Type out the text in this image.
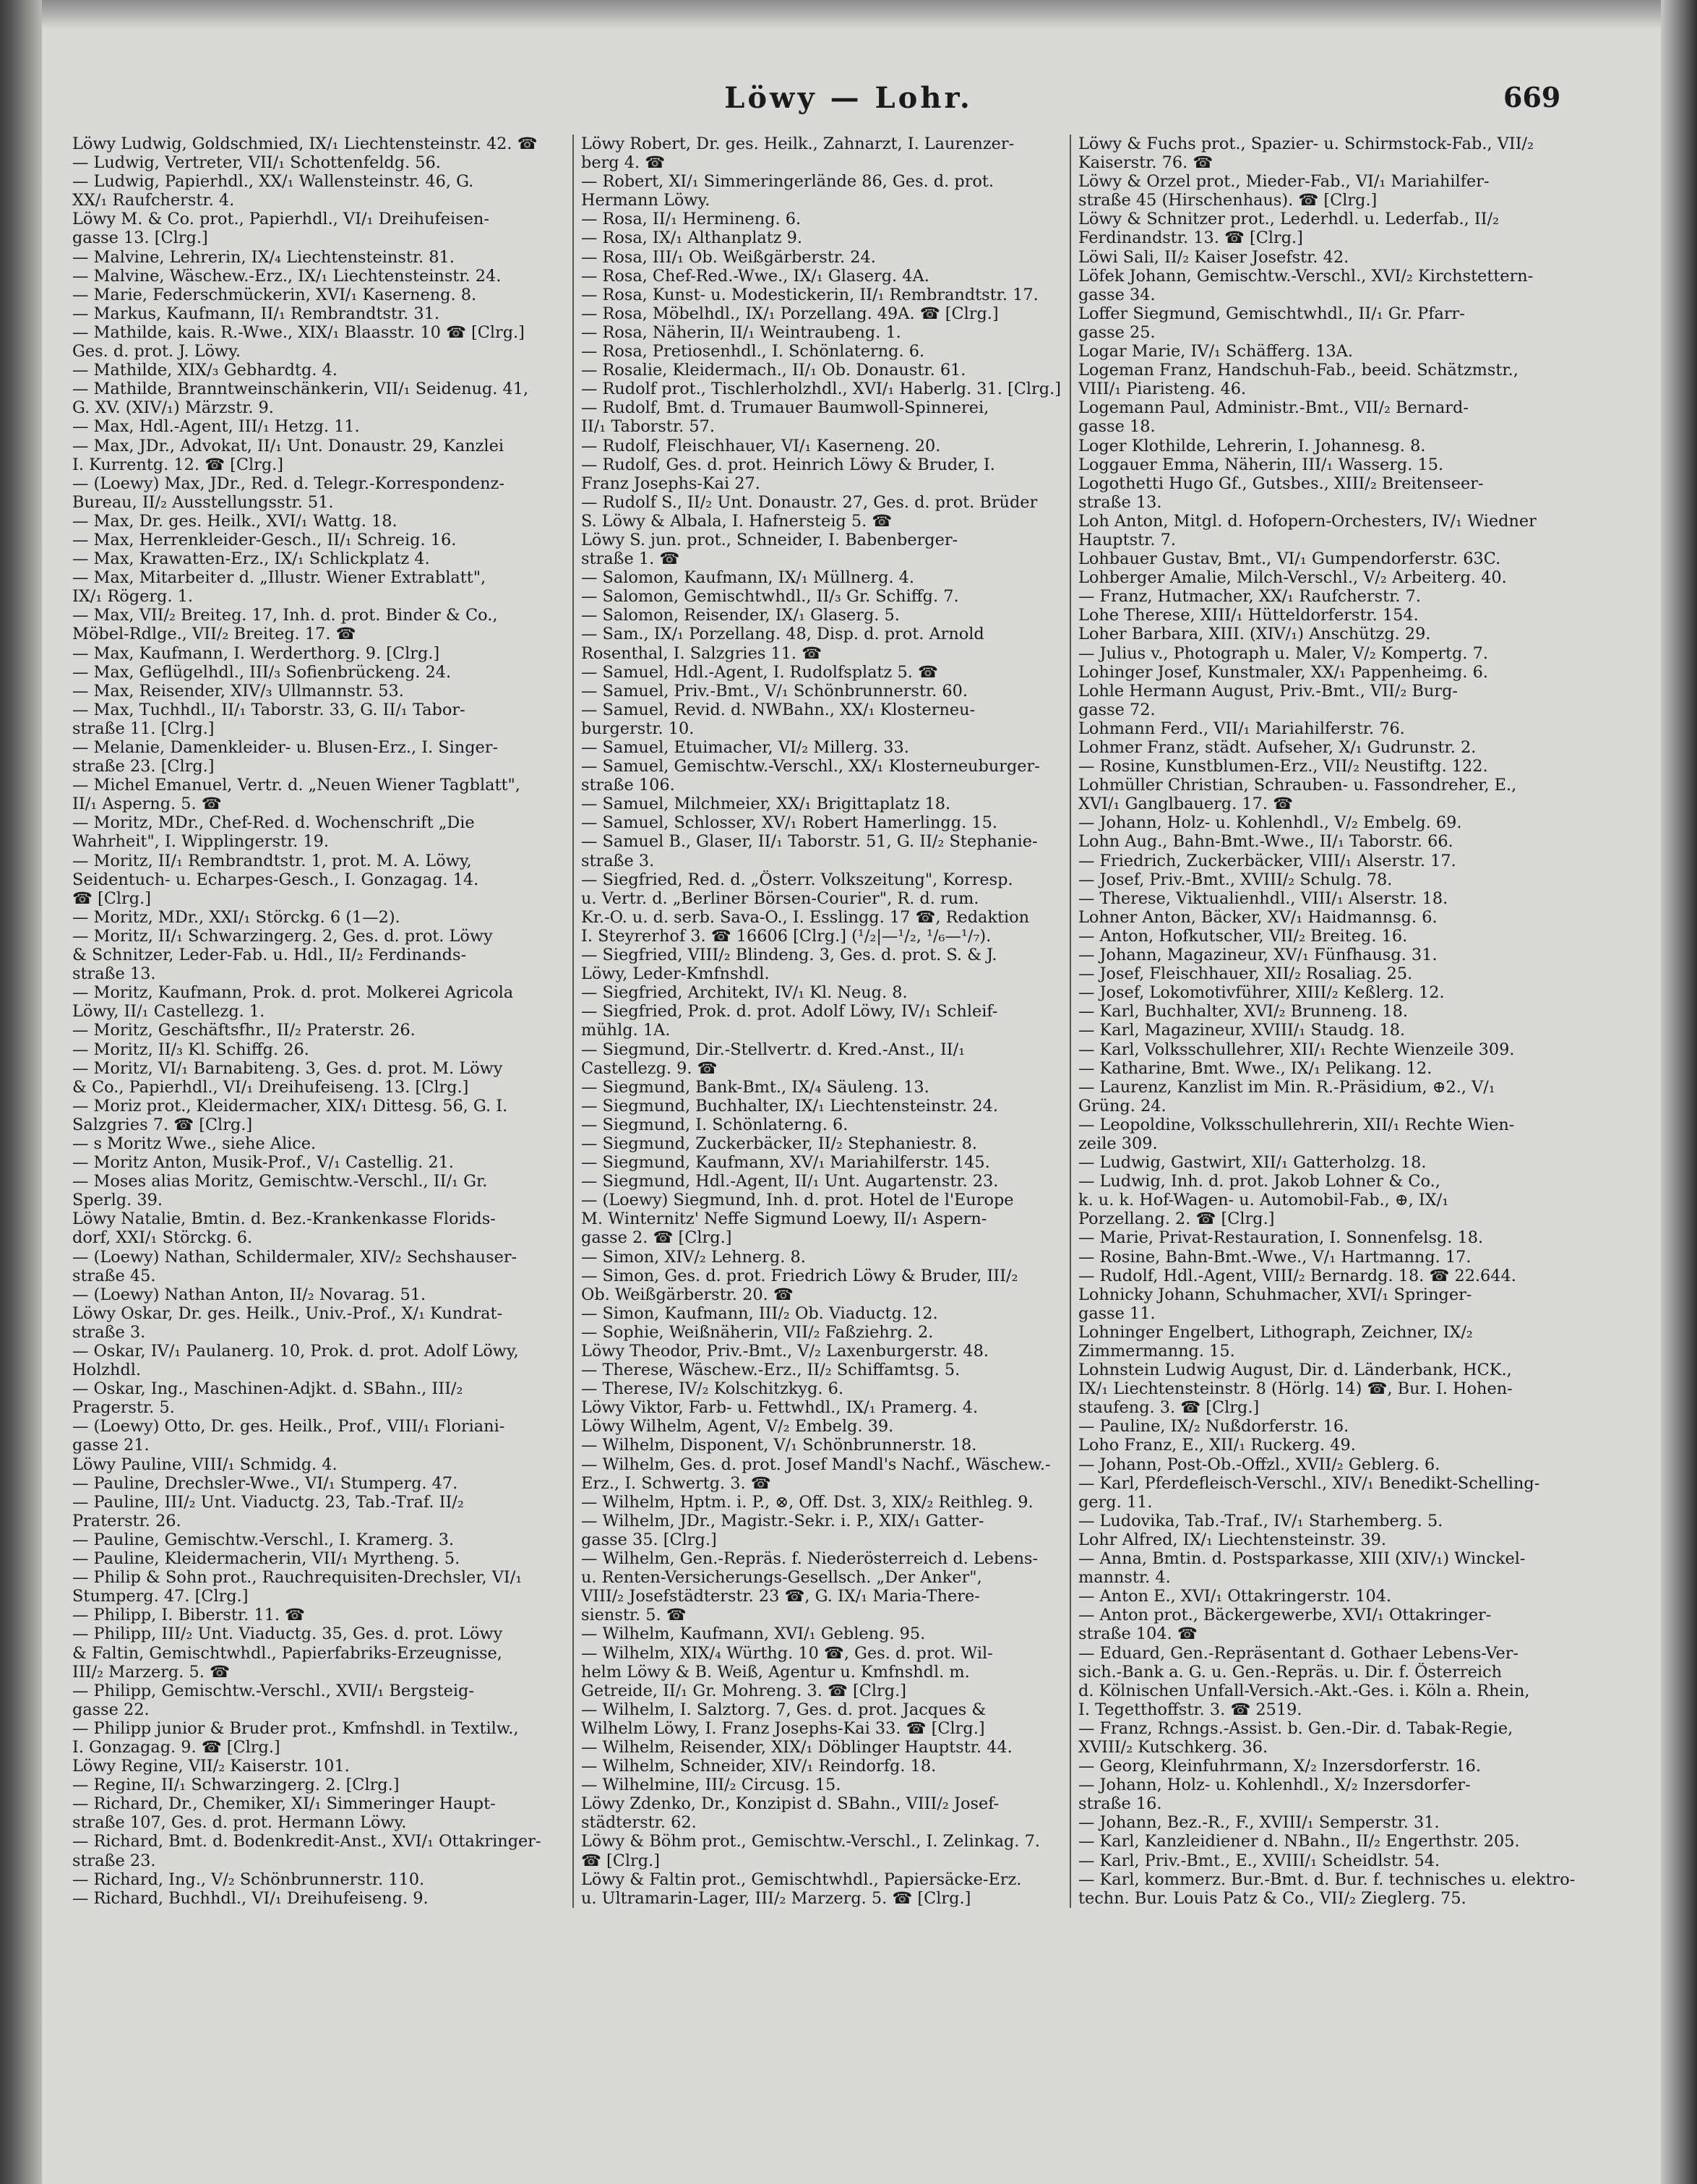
Löwy — Lohr.	669
Löwy Ludwig, Goldschmied, IX/₁ Liechtensteinstr. 42. ☎
— Ludwig, Vertreter, VII/₁ Schottenfeldg. 56.
— Ludwig, Papierhdl., XX/₁ Wallensteinstr. 46, G.
XX/₁ Raufcherstr. 4.
Löwy M. & Co. prot., Papierhdl., VI/₁ Dreihufeisen-
gasse 13. [Clrg.]
— Malvine, Lehrerin, IX/₄ Liechtensteinstr. 81.
— Malvine, Wäschew.-Erz., IX/₁ Liechtensteinstr. 24.
— Marie, Federschmückerin, XVI/₁ Kaserneng. 8.
— Markus, Kaufmann, II/₁ Rembrandtstr. 31.
— Mathilde, kais. R.-Wwe., XIX/₁ Blaasstr. 10 ☎ [Clrg.]
Ges. d. prot. J. Löwy.
— Mathilde, XIX/₃ Gebhardtg. 4.
— Mathilde, Branntweinschänkerin, VII/₁ Seidenug. 41,
G. XV. (XIV/₁) Märzstr. 9.
— Max, Hdl.-Agent, III/₁ Hetzg. 11.
— Max, JDr., Advokat, II/₁ Unt. Donaustr. 29, Kanzlei
I. Kurrentg. 12. ☎ [Clrg.]
— (Loewy) Max, JDr., Red. d. Telegr.-Korrespondenz-
Bureau, II/₂ Ausstellungsstr. 51.
— Max, Dr. ges. Heilk., XVI/₁ Wattg. 18.
— Max, Herrenkleider-Gesch., II/₁ Schreig. 16.
— Max, Krawatten-Erz., IX/₁ Schlickplatz 4.
— Max, Mitarbeiter d. „Illustr. Wiener Extrablatt",
IX/₁ Rögerg. 1.
— Max, VII/₂ Breiteg. 17, Inh. d. prot. Binder & Co.,
Möbel-Rdlge., VII/₂ Breiteg. 17. ☎
— Max, Kaufmann, I. Werderthorg. 9. [Clrg.]
— Max, Geflügelhdl., III/₃ Sofienbrückeng. 24.
— Max, Reisender, XIV/₃ Ullmannstr. 53.
— Max, Tuchhdl., II/₁ Taborstr. 33, G. II/₁ Tabor-
straße 11. [Clrg.]
— Melanie, Damenkleider- u. Blusen-Erz., I. Singer-
straße 23. [Clrg.]
— Michel Emanuel, Vertr. d. „Neuen Wiener Tagblatt",
II/₁ Asperng. 5. ☎
— Moritz, MDr., Chef-Red. d. Wochenschrift „Die
Wahrheit", I. Wipplingerstr. 19.
— Moritz, II/₁ Rembrandtstr. 1, prot. M. A. Löwy,
Seidentuch- u. Echarpes-Gesch., I. Gonzagag. 14.
☎ [Clrg.]
— Moritz, MDr., XXI/₁ Störckg. 6 (1—2).
— Moritz, II/₁ Schwarzingerg. 2, Ges. d. prot. Löwy
& Schnitzer, Leder-Fab. u. Hdl., II/₂ Ferdinands-
straße 13.
— Moritz, Kaufmann, Prok. d. prot. Molkerei Agricola
Löwy, II/₁ Castellezg. 1.
— Moritz, Geschäftsfhr., II/₂ Praterstr. 26.
— Moritz, II/₃ Kl. Schiffg. 26.
— Moritz, VI/₁ Barnabiteng. 3, Ges. d. prot. M. Löwy
& Co., Papierhdl., VI/₁ Dreihufeiseng. 13. [Clrg.]
— Moriz prot., Kleidermacher, XIX/₁ Dittesg. 56, G. I.
Salzgries 7. ☎ [Clrg.]
— s Moritz Wwe., siehe Alice.
— Moritz Anton, Musik-Prof., V/₁ Castellig. 21.
— Moses alias Moritz, Gemischtw.-Verschl., II/₁ Gr.
Sperlg. 39.
Löwy Natalie, Bmtin. d. Bez.-Krankenkasse Florids-
dorf, XXI/₁ Störckg. 6.
— (Loewy) Nathan, Schildermaler, XIV/₂ Sechshauser-
straße 45.
— (Loewy) Nathan Anton, II/₂ Novarag. 51.
Löwy Oskar, Dr. ges. Heilk., Univ.-Prof., X/₁ Kundrat-
straße 3.
— Oskar, IV/₁ Paulanerg. 10, Prok. d. prot. Adolf Löwy,
Holzhdl.
— Oskar, Ing., Maschinen-Adjkt. d. SBahn., III/₂
Pragerstr. 5.
— (Loewy) Otto, Dr. ges. Heilk., Prof., VIII/₁ Floriani-
gasse 21.
Löwy Pauline, VIII/₁ Schmidg. 4.
— Pauline, Drechsler-Wwe., VI/₁ Stumperg. 47.
— Pauline, III/₂ Unt. Viaductg. 23, Tab.-Traf. II/₂
Praterstr. 26.
— Pauline, Gemischtw.-Verschl., I. Kramerg. 3.
— Pauline, Kleidermacherin, VII/₁ Myrtheng. 5.
— Philip & Sohn prot., Rauchrequisiten-Drechsler, VI/₁
Stumperg. 47. [Clrg.]
— Philipp, I. Biberstr. 11. ☎
— Philipp, III/₂ Unt. Viaductg. 35, Ges. d. prot. Löwy
& Faltin, Gemischtwhdl., Papierfabriks-Erzeugnisse,
III/₂ Marzerg. 5. ☎
— Philipp, Gemischtw.-Verschl., XVII/₁ Bergsteig-
gasse 22.
— Philipp junior & Bruder prot., Kmfnshdl. in Textilw.,
I. Gonzagag. 9. ☎ [Clrg.]
Löwy Regine, VII/₂ Kaiserstr. 101.
— Regine, II/₁ Schwarzingerg. 2. [Clrg.]
— Richard, Dr., Chemiker, XI/₁ Simmeringer Haupt-
straße 107, Ges. d. prot. Hermann Löwy.
— Richard, Bmt. d. Bodenkredit-Anst., XVI/₁ Ottakringer-
straße 23.
— Richard, Ing., V/₂ Schönbrunnerstr. 110.
— Richard, Buchhdl., VI/₁ Dreihufeiseng. 9.
Löwy Robert, Dr. ges. Heilk., Zahnarzt, I. Laurenzer-
berg 4. ☎
— Robert, XI/₁ Simmeringerlände 86, Ges. d. prot.
Hermann Löwy.
— Rosa, II/₁ Hermineng. 6.
— Rosa, IX/₁ Althanplatz 9.
— Rosa, III/₁ Ob. Weißgärberstr. 24.
— Rosa, Chef-Red.-Wwe., IX/₁ Glaserg. 4A.
— Rosa, Kunst- u. Modestickerin, II/₁ Rembrandtstr. 17.
— Rosa, Möbelhdl., IX/₁ Porzellang. 49A. ☎ [Clrg.]
— Rosa, Näherin, II/₁ Weintraubeng. 1.
— Rosa, Pretiosenhdl., I. Schönlaterng. 6.
— Rosalie, Kleidermach., II/₁ Ob. Donaustr. 61.
— Rudolf prot., Tischlerholzhdl., XVI/₁ Haberlg. 31. [Clrg.]
— Rudolf, Bmt. d. Trumauer Baumwoll-Spinnerei,
II/₁ Taborstr. 57.
— Rudolf, Fleischhauer, VI/₁ Kaserneng. 20.
— Rudolf, Ges. d. prot. Heinrich Löwy & Bruder, I.
Franz Josephs-Kai 27.
— Rudolf S., II/₂ Unt. Donaustr. 27, Ges. d. prot. Brüder
S. Löwy & Albala, I. Hafnersteig 5. ☎
Löwy S. jun. prot., Schneider, I. Babenberger-
straße 1. ☎
— Salomon, Kaufmann, IX/₁ Müllnerg. 4.
— Salomon, Gemischtwhdl., II/₃ Gr. Schiffg. 7.
— Salomon, Reisender, IX/₁ Glaserg. 5.
— Sam., IX/₁ Porzellang. 48, Disp. d. prot. Arnold
Rosenthal, I. Salzgries 11. ☎
— Samuel, Hdl.-Agent, I. Rudolfsplatz 5. ☎
— Samuel, Priv.-Bmt., V/₁ Schönbrunnerstr. 60.
— Samuel, Revid. d. NWBahn., XX/₁ Klosterneu-
burgerstr. 10.
— Samuel, Etuimacher, VI/₂ Millerg. 33.
— Samuel, Gemischtw.-Verschl., XX/₁ Klosterneuburger-
straße 106.
— Samuel, Milchmeier, XX/₁ Brigittaplatz 18.
— Samuel, Schlosser, XV/₁ Robert Hamerlingg. 15.
— Samuel B., Glaser, II/₁ Taborstr. 51, G. II/₂ Stephanie-
straße 3.
— Siegfried, Red. d. „Österr. Volkszeitung", Korresp.
u. Vertr. d. „Berliner Börsen-Courier", R. d. rum.
Kr.-O. u. d. serb. Sava-O., I. Esslingg. 17 ☎, Redaktion
I. Steyrerhof 3. ☎ 16606 [Clrg.] (¹/₂|—¹/₂, ¹/₆—¹/₇).
— Siegfried, VIII/₂ Blindeng. 3, Ges. d. prot. S. & J.
Löwy, Leder-Kmfnshdl.
— Siegfried, Architekt, IV/₁ Kl. Neug. 8.
— Siegfried, Prok. d. prot. Adolf Löwy, IV/₁ Schleif-
mühlg. 1A.
— Siegmund, Dir.-Stellvertr. d. Kred.-Anst., II/₁
Castellezg. 9. ☎
— Siegmund, Bank-Bmt., IX/₄ Säuleng. 13.
— Siegmund, Buchhalter, IX/₁ Liechtensteinstr. 24.
— Siegmund, I. Schönlaterng. 6.
— Siegmund, Zuckerbäcker, II/₂ Stephaniestr. 8.
— Siegmund, Kaufmann, XV/₁ Mariahilferstr. 145.
— Siegmund, Hdl.-Agent, II/₁ Unt. Augartenstr. 23.
— (Loewy) Siegmund, Inh. d. prot. Hotel de l'Europe
M. Winternitz' Neffe Sigmund Loewy, II/₁ Aspern-
gasse 2. ☎ [Clrg.]
— Simon, XIV/₂ Lehnerg. 8.
— Simon, Ges. d. prot. Friedrich Löwy & Bruder, III/₂
Ob. Weißgärberstr. 20. ☎
— Simon, Kaufmann, III/₂ Ob. Viaductg. 12.
— Sophie, Weißnäherin, VII/₂ Faßziehrg. 2.
Löwy Theodor, Priv.-Bmt., V/₂ Laxenburgerstr. 48.
— Therese, Wäschew.-Erz., II/₂ Schiffamtsg. 5.
— Therese, IV/₂ Kolschitzkyg. 6.
Löwy Viktor, Farb- u. Fettwhdl., IX/₁ Pramerg. 4.
Löwy Wilhelm, Agent, V/₂ Embelg. 39.
— Wilhelm, Disponent, V/₁ Schönbrunnerstr. 18.
— Wilhelm, Ges. d. prot. Josef Mandl's Nachf., Wäschew.-
Erz., I. Schwertg. 3. ☎
— Wilhelm, Hptm. i. P., ⊗, Off. Dst. 3, XIX/₂ Reithleg. 9.
— Wilhelm, JDr., Magistr.-Sekr. i. P., XIX/₁ Gatter-
gasse 35. [Clrg.]
— Wilhelm, Gen.-Repräs. f. Niederösterreich d. Lebens-
u. Renten-Versicherungs-Gesellsch. „Der Anker",
VIII/₂ Josefstädterstr. 23 ☎, G. IX/₁ Maria-There-
sienstr. 5. ☎
— Wilhelm, Kaufmann, XVI/₁ Gebleng. 95.
— Wilhelm, XIX/₄ Würthg. 10 ☎, Ges. d. prot. Wil-
helm Löwy & B. Weiß, Agentur u. Kmfnshdl. m.
Getreide, II/₁ Gr. Mohreng. 3. ☎ [Clrg.]
— Wilhelm, I. Salztorg. 7, Ges. d. prot. Jacques &
Wilhelm Löwy, I. Franz Josephs-Kai 33. ☎ [Clrg.]
— Wilhelm, Reisender, XIX/₁ Döblinger Hauptstr. 44.
— Wilhelm, Schneider, XIV/₁ Reindorfg. 18.
— Wilhelmine, III/₂ Circusg. 15.
Löwy Zdenko, Dr., Konzipist d. SBahn., VIII/₂ Josef-
städterstr. 62.
Löwy & Böhm prot., Gemischtw.-Verschl., I. Zelinkag. 7.
☎ [Clrg.]
Löwy & Faltin prot., Gemischtwhdl., Papiersäcke-Erz.
u. Ultramarin-Lager, III/₂ Marzerg. 5. ☎ [Clrg.]
Löwy & Fuchs prot., Spazier- u. Schirmstock-Fab., VII/₂
Kaiserstr. 76. ☎
Löwy & Orzel prot., Mieder-Fab., VI/₁ Mariahilfer-
straße 45 (Hirschenhaus). ☎ [Clrg.]
Löwy & Schnitzer prot., Lederhdl. u. Lederfab., II/₂
Ferdinandstr. 13. ☎ [Clrg.]
Löwi Sali, II/₂ Kaiser Josefstr. 42.
Löfek Johann, Gemischtw.-Verschl., XVI/₂ Kirchstettern-
gasse 34.
Loffer Siegmund, Gemischtwhdl., II/₁ Gr. Pfarr-
gasse 25.
Logar Marie, IV/₁ Schäfferg. 13A.
Logeman Franz, Handschuh-Fab., beeid. Schätzmstr.,
VIII/₁ Piaristeng. 46.
Logemann Paul, Administr.-Bmt., VII/₂ Bernard-
gasse 18.
Loger Klothilde, Lehrerin, I. Johannesg. 8.
Loggauer Emma, Näherin, III/₁ Wasserg. 15.
Logothetti Hugo Gf., Gutsbes., XIII/₂ Breitenseer-
straße 13.
Loh Anton, Mitgl. d. Hofopern-Orchesters, IV/₁ Wiedner
Hauptstr. 7.
Lohbauer Gustav, Bmt., VI/₁ Gumpendorferstr. 63C.
Lohberger Amalie, Milch-Verschl., V/₂ Arbeiterg. 40.
— Franz, Hutmacher, XX/₁ Raufcherstr. 7.
Lohe Therese, XIII/₁ Hütteldorferstr. 154.
Loher Barbara, XIII. (XIV/₁) Anschützg. 29.
— Julius v., Photograph u. Maler, V/₂ Kompertg. 7.
Lohinger Josef, Kunstmaler, XX/₁ Pappenheimg. 6.
Lohle Hermann August, Priv.-Bmt., VII/₂ Burg-
gasse 72.
Lohmann Ferd., VII/₁ Mariahilferstr. 76.
Lohmer Franz, städt. Aufseher, X/₁ Gudrunstr. 2.
— Rosine, Kunstblumen-Erz., VII/₂ Neustiftg. 122.
Lohmüller Christian, Schrauben- u. Fassondreher, E.,
XVI/₁ Ganglbauerg. 17. ☎
— Johann, Holz- u. Kohlenhdl., V/₂ Embelg. 69.
Lohn Aug., Bahn-Bmt.-Wwe., II/₁ Taborstr. 66.
— Friedrich, Zuckerbäcker, VIII/₁ Alserstr. 17.
— Josef, Priv.-Bmt., XVIII/₂ Schulg. 78.
— Therese, Viktualienhdl., VIII/₁ Alserstr. 18.
Lohner Anton, Bäcker, XV/₁ Haidmannsg. 6.
— Anton, Hofkutscher, VII/₂ Breiteg. 16.
— Johann, Magazineur, XV/₁ Fünfhausg. 31.
— Josef, Fleischhauer, XII/₂ Rosaliag. 25.
— Josef, Lokomotivführer, XIII/₂ Keßlerg. 12.
— Karl, Buchhalter, XVI/₂ Brunneng. 18.
— Karl, Magazineur, XVIII/₁ Staudg. 18.
— Karl, Volksschullehrer, XII/₁ Rechte Wienzeile 309.
— Katharine, Bmt. Wwe., IX/₁ Pelikang. 12.
— Laurenz, Kanzlist im Min. R.-Präsidium, ⊕2., V/₁
Grüng. 24.
— Leopoldine, Volksschullehrerin, XII/₁ Rechte Wien-
zeile 309.
— Ludwig, Gastwirt, XII/₁ Gatterholzg. 18.
— Ludwig, Inh. d. prot. Jakob Lohner & Co.,
k. u. k. Hof-Wagen- u. Automobil-Fab., ⊕, IX/₁
Porzellang. 2. ☎ [Clrg.]
— Marie, Privat-Restauration, I. Sonnenfelsg. 18.
— Rosine, Bahn-Bmt.-Wwe., V/₁ Hartmanng. 17.
— Rudolf, Hdl.-Agent, VIII/₂ Bernardg. 18. ☎ 22.644.
Lohnicky Johann, Schuhmacher, XVI/₁ Springer-
gasse 11.
Lohninger Engelbert, Lithograph, Zeichner, IX/₂
Zimmermanng. 15.
Lohnstein Ludwig August, Dir. d. Länderbank, HCK.,
IX/₁ Liechtensteinstr. 8 (Hörlg. 14) ☎, Bur. I. Hohen-
staufeng. 3. ☎ [Clrg.]
— Pauline, IX/₂ Nußdorferstr. 16.
Loho Franz, E., XII/₁ Ruckerg. 49.
— Johann, Post-Ob.-Offzl., XVII/₂ Geblerg. 6.
— Karl, Pferdefleisch-Verschl., XIV/₁ Benedikt-Schelling-
gerg. 11.
— Ludovika, Tab.-Traf., IV/₁ Starhemberg. 5.
Lohr Alfred, IX/₁ Liechtensteinstr. 39.
— Anna, Bmtin. d. Postsparkasse, XIII (XIV/₁) Winckel-
mannstr. 4.
— Anton E., XVI/₁ Ottakringerstr. 104.
— Anton prot., Bäckergewerbe, XVI/₁ Ottakringer-
straße 104. ☎
— Eduard, Gen.-Repräsentant d. Gothaer Lebens-Ver-
sich.-Bank a. G. u. Gen.-Repräs. u. Dir. f. Österreich
d. Kölnischen Unfall-Versich.-Akt.-Ges. i. Köln a. Rhein,
I. Tegetthoffstr. 3. ☎ 2519.
— Franz, Rchngs.-Assist. b. Gen.-Dir. d. Tabak-Regie,
XVIII/₂ Kutschkerg. 36.
— Georg, Kleinfuhrmann, X/₂ Inzersdorferstr. 16.
— Johann, Holz- u. Kohlenhdl., X/₂ Inzersdorfer-
straße 16.
— Johann, Bez.-R., F., XVIII/₁ Semperstr. 31.
— Karl, Kanzleidiener d. NBahn., II/₂ Engerthstr. 205.
— Karl, Priv.-Bmt., E., XVIII/₁ Scheidlstr. 54.
— Karl, kommerz. Bur.-Bmt. d. Bur. f. technisches u. elektro-
techn. Bur. Louis Patz & Co., VII/₂ Zieglerg. 75.
